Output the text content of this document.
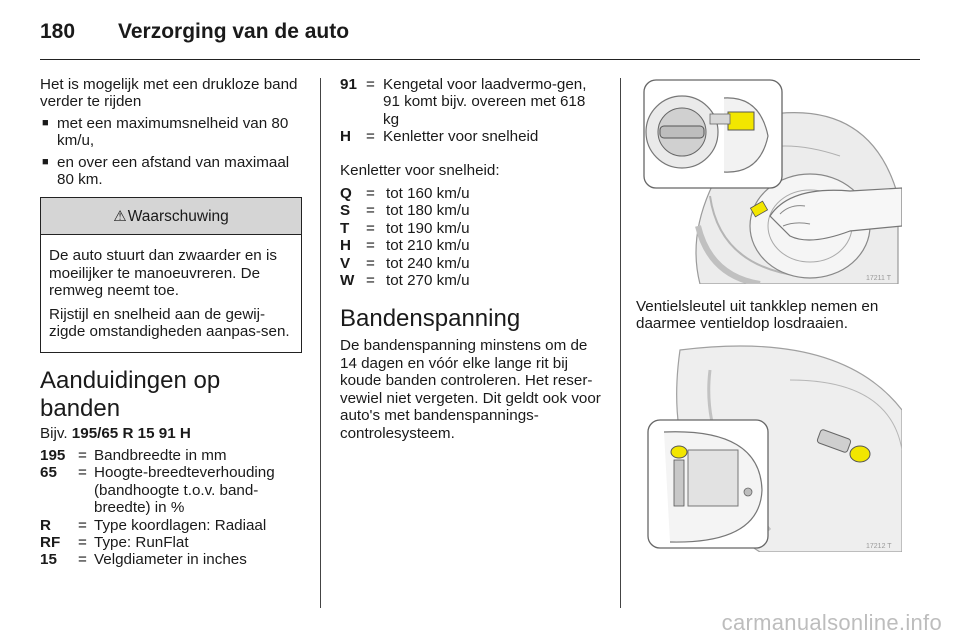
180 Verzorging van de auto

Het is mogelijk met een drukloze band verder te rijden

■ met een maximumsnelheid van 80 km/u,

■ en over een afstand van maximaal 80 km.

⚠ Waarschuwing

De auto stuurt dan zwaarder en is moeilijker te manoeuvreren. De remweg neemt toe.

Rijstijl en snelheid aan de gewij-zigde omstandigheden aanpas-sen.

Aanduidingen op banden

Bijv. 195/65 R 15 91 H

195 = Bandbreedte in mm
65	= Hoogte-breedteverhouding (bandhoogte t.o.v. band-breedte) in %
R	= Type koordlagen: Radiaal
RF	= Type: RunFlat
15	= Velgdiameter in inches
91 = Kengetal voor laadvermo-gen, 91 komt bijv. overeen met 618 kg
H = Kenletter voor snelheid

Kenletter voor snelheid:

Q = tot 160 km/u
S	= tot 180 km/u
T	= tot 190 km/u
H = tot 210 km/u
V	= tot 240 km/u
W = tot 270 km/u
Bandenspanning

De bandenspanning minstens om de 14 dagen en vóór elke lange rit bij koude banden controleren. Het reser-vewiel niet vergeten. Dit geldt ook voor auto's met bandenspannings-controlesysteem.

17211 T

Ventielsleutel uit tankklep nemen en daarmee ventieldop losdraaien.

17212 T
carmanualsonline.info
